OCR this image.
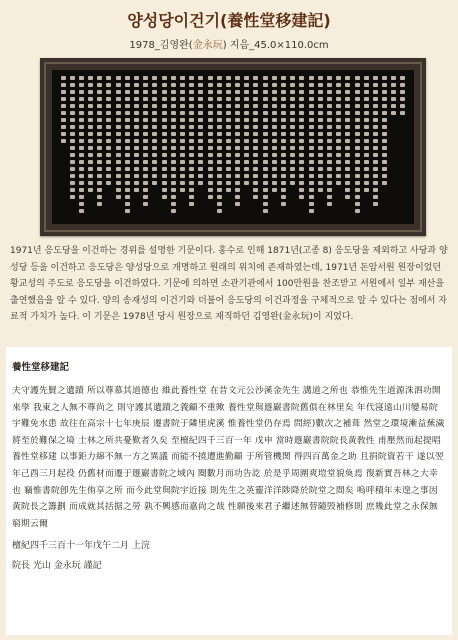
양성당이건기(養性堂移建記)
1978_김영완(金永玩) 지음_45.0×110.0cm

1971년 응도당을 이건하는 경위를 설명한 기문이다. 홍수로 인해 1871년(고종 8) 응도당을 제외하고 사당과 양성당 등을 이건하고 응도당은 양성당으로 개명하고 원래의 위치에 존재하였는데, 1971년 돈암서원 원장이었던 황교성의 주도로 응도당을 이건하였다. 기문에 의하면 소관기관에서 100만원을 찬조받고 서원에서 일부 재산을 출연했음을 알 수 있다. 양의 송재성의 이건기와 더불어 응도당의 이건과정을 구체적으로 알 수 있다는 점에서 자료적 가치가 높다. 이 기문은 1978년 당시 원장으로 재직하던 김영완(金永玩)이 지었다.

養性堂移建記

夫守護先賢之遺蹟 所以尊慕其道德也 維此養性堂 在昔文元公沙溪金先生 講道之所也 恭惟先生道源洙泗功開來學 我東之人無不尊尚之 則守護其遺蹟之義顧不重歟 養性堂與遯巖書院舊俱在林里矣 年代寖遠山川變易院宇難免水患 故往在高宗十七年庚辰 遷書院于隣里虎溪 惟養性堂仍存焉 問經)數次之補葺 然堂之環境漸益蕪濊 將至於難保之境 士林之所共憂歎者久矣 至檀紀四千三百一年 戊申 當時遯巖書院院長黃敎性 甫壓然而起提唱養性堂移建 以事鉅力綿不無一方之異議 而能不撓遭進勤顧 于所管機関 得四百萬金之助 且捐院資若干 遂以翌年己酉三月起役 仍舊材而遷于遯巖書院之域內 閱數月而功告訖 於是乎周圍爽塏堂貌奐焉 復新實吾林之大幸也 竊惟書院卽先生侑享之所 而今此堂與院宇近接 則先生之英靈洋洋陟降於院堂之間矣 嗚呼積年未遑之事因黃院長之籌劃 而成就其括据之勞 孰不興感而嘉尙之哉 性願後來君子繼述無替隨毁補修則 庶幾此堂之永保無窮期云爾

檀紀四千三百十一年戊午二月 上浣

院長 光山 金永玩 謹記
